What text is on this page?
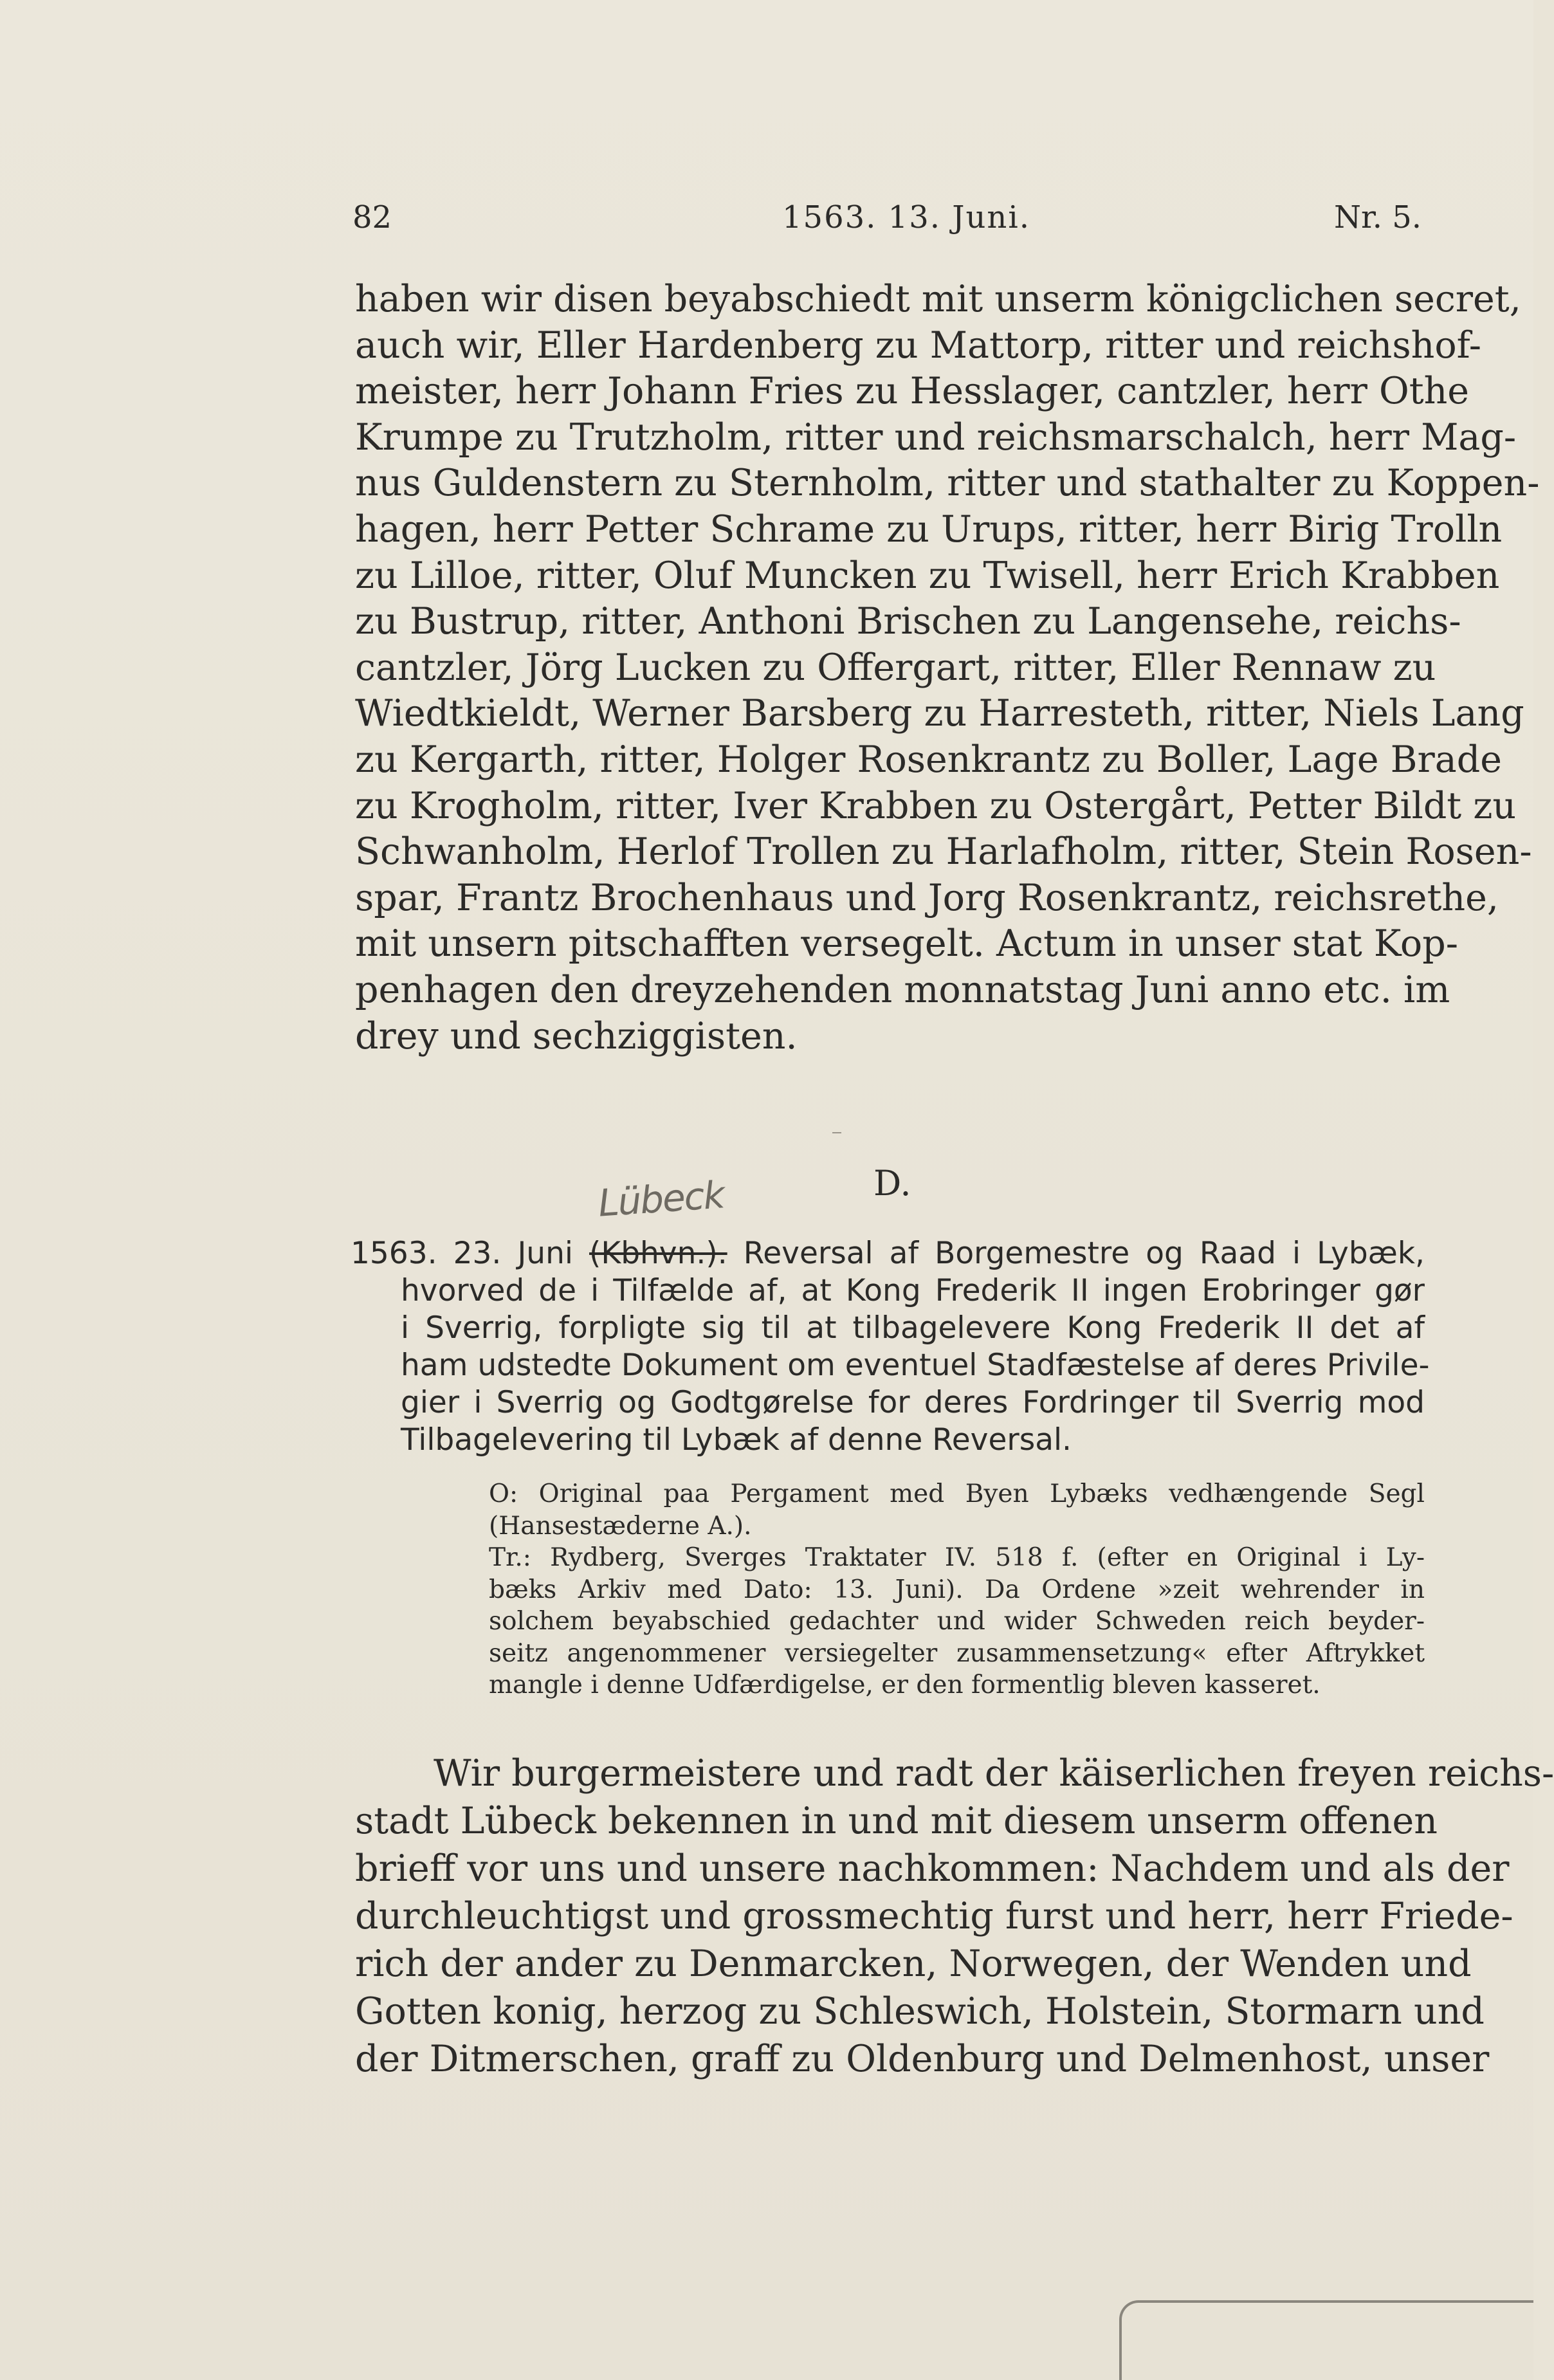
82	1563. 13. Juni.	Nr. 5.
haben wir disen beyabschiedt mit unserm königclichen secret,
auch wir, Eller Hardenberg zu Mattorp, ritter und reichshof-
meister, herr Johann Fries zu Hesslager, cantzler, herr Othe
Krumpe zu Trutzholm, ritter und reichsmarschalch, herr Mag-
nus Guldenstern zu Sternholm, ritter und stathalter zu Koppen-
hagen, herr Petter Schrame zu Urups, ritter, herr Birig Trolln
zu Lilloe, ritter, Oluf Muncken zu Twisell, herr Erich Krabben
zu Bustrup, ritter, Anthoni Brischen zu Langensehe, reichs-
cantzler, Jörg Lucken zu Offergart, ritter, Eller Rennaw zu
Wiedtkieldt, Werner Barsberg zu Harresteth, ritter, Niels Lang
zu Kergarth, ritter, Holger Rosenkrantz zu Boller, Lage Brade
zu Krogholm, ritter, Iver Krabben zu Ostergårt, Petter Bildt zu
Schwanholm, Herlof Trollen zu Harlafholm, ritter, Stein Rosen-
spar, Frantz Brochenhaus und Jorg Rosenkrantz, reichsrethe,
mit unsern pitschafften versegelt. Actum in unser stat Kop-
penhagen den dreyzehenden monnatstag Juni anno etc. im
drey und sechziggisten.
Lübeck	D.
1563. 23. Juni (Kbhvn.). Reversal af Borgemestre og Raad i Lybæk,
hvorved de i Tilfælde af, at Kong Frederik II ingen Erobringer gør
i Sverrig, forpligte sig til at tilbagelevere Kong Frederik II det af
ham udstedte Dokument om eventuel Stadfæstelse af deres Privile-
gier i Sverrig og Godtgørelse for deres Fordringer til Sverrig mod
Tilbagelevering til Lybæk af denne Reversal.
O: Original paa Pergament med Byen Lybæks vedhængende Segl
(Hansestæderne A.).
Tr.: Rydberg, Sverges Traktater IV. 518 f. (efter en Original i Ly-
bæks Arkiv med Dato: 13. Juni). Da Ordene »zeit wehrender in
solchem beyabschied gedachter und wider Schweden reich beyder-
seitz angenommener versiegelter zusammensetzung« efter Aftrykket
mangle i denne Udfærdigelse, er den formentlig bleven kasseret.
Wir burgermeistere und radt der käiserlichen freyen reichs-
stadt Lübeck bekennen in und mit diesem unserm offenen
brieff vor uns und unsere nachkommen: Nachdem und als der
durchleuchtigst und grossmechtig furst und herr, herr Friede-
rich der ander zu Denmarcken, Norwegen, der Wenden und
Gotten konig, herzog zu Schleswich, Holstein, Stormarn und
der Ditmerschen, graff zu Oldenburg und Delmenhost, unser
